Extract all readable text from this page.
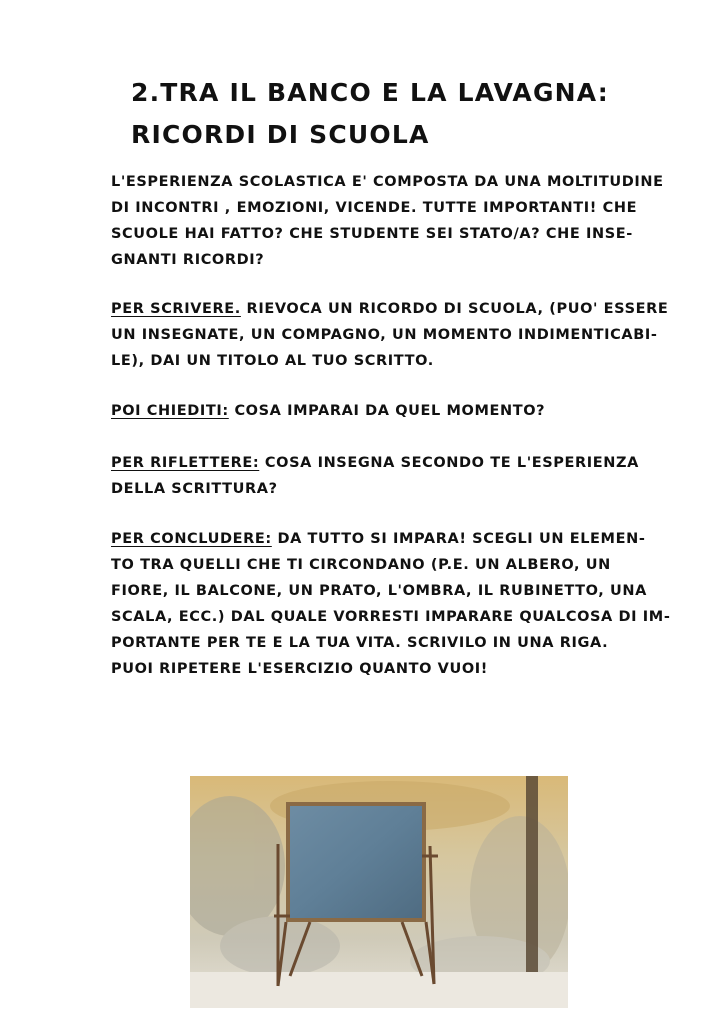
2.TRA IL BANCO E LA LAVAGNA:
RICORDI DI SCUOLA

L'ESPERIENZA SCOLASTICA E' COMPOSTA DA UNA MOLTITUDINE
DI INCONTRI , EMOZIONI, VICENDE. TUTTE IMPORTANTI! CHE
SCUOLE HAI FATTO? CHE STUDENTE SEI STATO/A? CHE INSE-
GNANTI RICORDI?

PER SCRIVERE. RIEVOCA UN RICORDO DI SCUOLA, (PUO' ESSERE
UN INSEGNATE, UN COMPAGNO, UN MOMENTO INDIMENTICABI-
LE), DAI UN TITOLO AL TUO SCRITTO.

POI CHIEDITI: COSA IMPARAI DA QUEL MOMENTO?

PER RIFLETTERE: COSA INSEGNA SECONDO TE L'ESPERIENZA
DELLA SCRITTURA?

PER CONCLUDERE: DA TUTTO SI IMPARA! SCEGLI UN ELEMEN-
TO TRA QUELLI CHE TI CIRCONDANO (P.E. UN ALBERO, UN
FIORE, IL BALCONE, UN PRATO, L'OMBRA, IL RUBINETTO, UNA
SCALA, ECC.) DAL QUALE VORRESTI IMPARARE QUALCOSA DI IM-
PORTANTE PER TE E LA TUA VITA. SCRIVILO IN UNA RIGA.
PUOI RIPETERE L'ESERCIZIO QUANTO VUOI!
